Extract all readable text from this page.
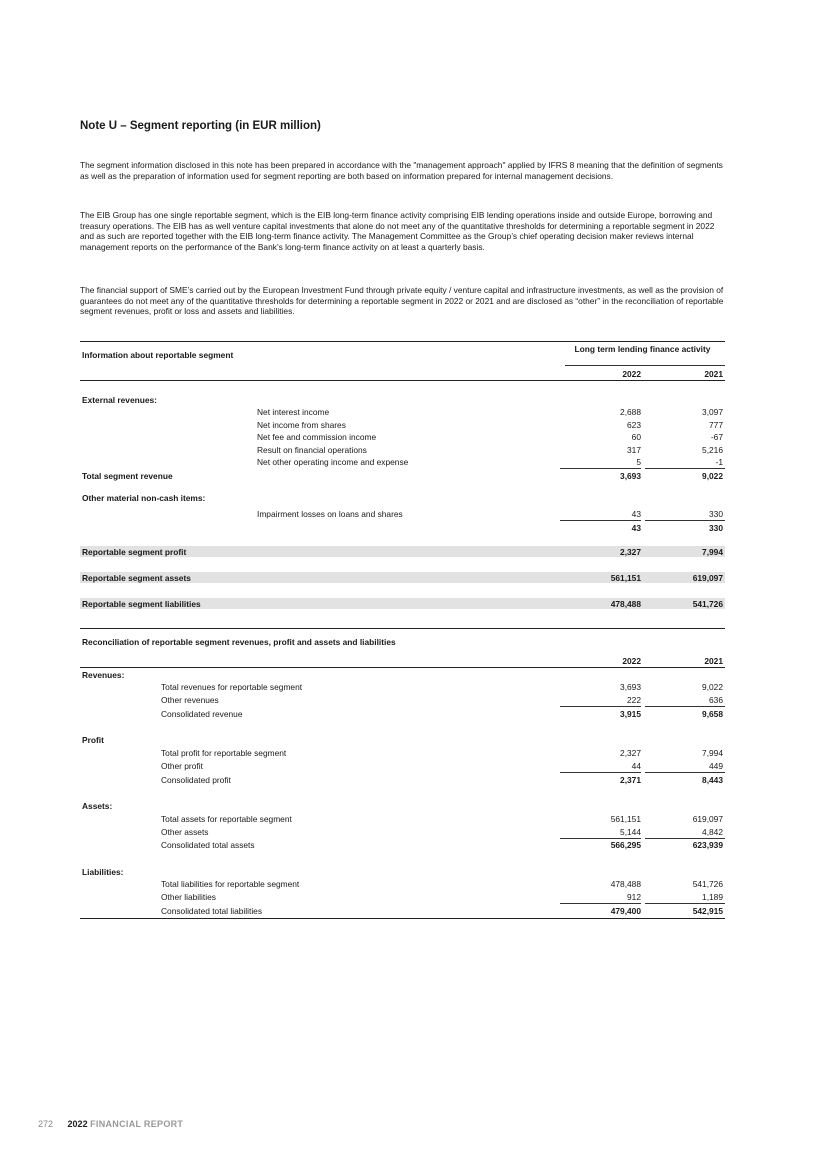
Note U – Segment reporting (in EUR million)

The segment information disclosed in this note has been prepared in accordance with the "management approach" applied by IFRS 8 meaning that the definition of segments as well as the preparation of information used for segment reporting are both based on information prepared for internal management decisions.

The EIB Group has one single reportable segment, which is the EIB long-term finance activity comprising EIB lending operations inside and outside Europe, borrowing and treasury operations. The EIB has as well venture capital investments that alone do not meet any of the quantitative thresholds for determining a reportable segment in 2022 and as such are reported together with the EIB long-term finance activity. The Management Committee as the Group’s chief operating decision maker reviews internal management reports on the performance of the Bank’s long-term finance activity on at least a quarterly basis.

The financial support of SME’s carried out by the European Investment Fund through private equity / venture capital and infrastructure investments, as well as the provision of guarantees do not meet any of the quantitative thresholds for determining a reportable segment in 2022 or 2021 and are disclosed as “other” in the reconciliation of reportable segment revenues, profit or loss and assets and liabilities.

Information about reportable segment
Long term lending finance activity
2022	2021
External revenues:
Net interest income	2,688	3,097
Net income from shares	623	777
Net fee and commission income	60	-67
Result on financial operations	317	5,216
Net other operating income and expense	5	-1
Total segment revenue	3,693	9,022
Other material non-cash items:
Impairment losses on loans and shares	43	330
43	330
Reportable segment profit	2,327	7,994
Reportable segment assets	561,151	619,097
Reportable segment liabilities	478,488	541,726
Reconciliation of reportable segment revenues, profit and assets and liabilities
2022	2021
Revenues:
Total revenues for reportable segment	3,693	9,022
Other revenues	222	636
Consolidated revenue	3,915	9,658
Profit
Total profit for reportable segment	2,327	7,994
Other profit	44	449
Consolidated profit	2,371	8,443
Assets:
Total assets for reportable segment	561,151	619,097
Other assets	5,144	4,842
Consolidated total assets	566,295	623,939
Liabilities:
Total liabilities for reportable segment	478,488	541,726
Other liabilities	912	1,189
Consolidated total liabilities	479,400	542,915
272 2022 FINANCIAL REPORT
